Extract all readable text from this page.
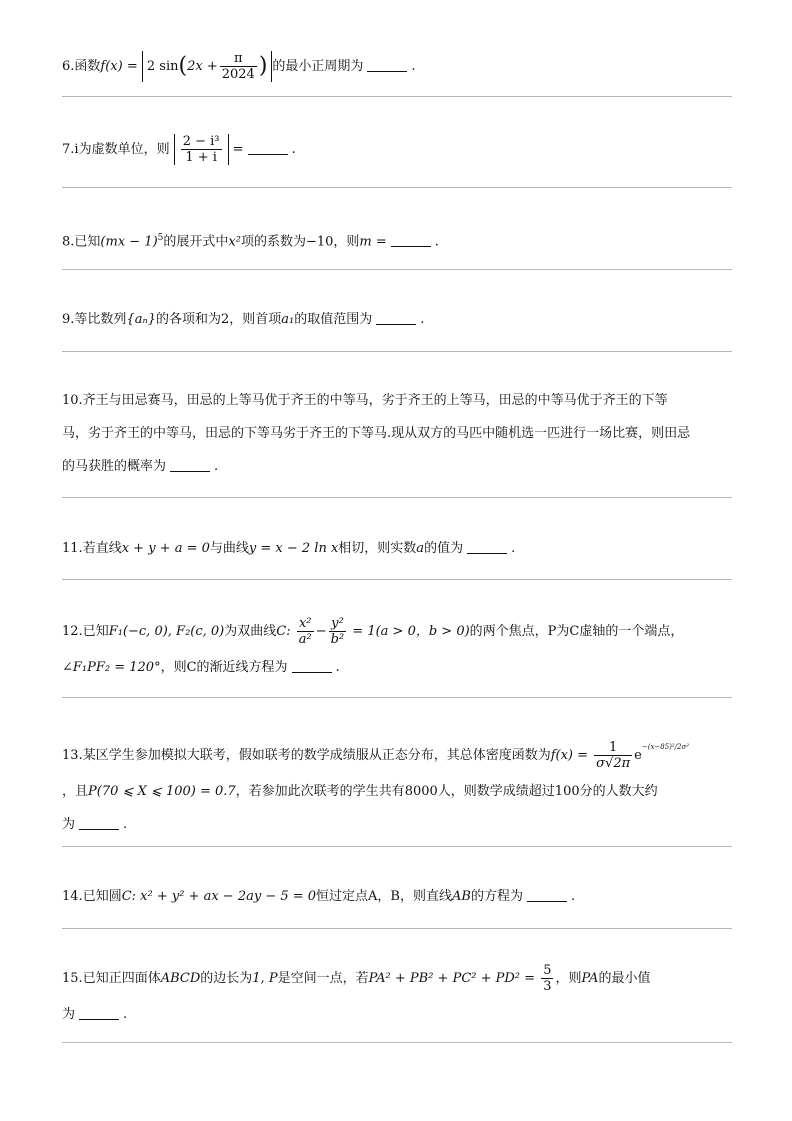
6.函数f(x) = 2 $\sin(2x + \frac{\pi}{2024}$ ) 的最小正周期为	.
7.i为虚数单位，则 $\frac{\text{2 − i³}}{1 + i}$ =	.
8.已知(mx − 1)$^5$的展开式中x²项的系数为−10，则m =	.
9.等比数列{aₙ}的各项和为2，则首项a₁的取值范围为	.
10.齐王与田忌赛马，田忌的上等马优于齐王的中等马，劣于齐王的上等马，田忌的中等马优于齐王的下等
马，劣于齐王的中等马，田忌的下等马劣于齐王的下等马.现从双方的马匹中随机选一匹进行一场比赛，则田忌
的马获胜的概率为	.
11.若直线x + y + a = 0与曲线y = x − 2 ln x相切，则实数a的值为	.
12.已知F₁(−c, 0), F₂(c, 0)为双曲线C: $\frac{\text{x²}}{\text{a²}} - \frac{\text{y²}}{\text{b²}} = 1(a > 0$，b > 0)的两个焦点，P为C虚轴的一个端点，
∠F₁PF₂ = 120°，则C的渐近线方程为	.
13.某区学生参加模拟大联考，假如联考的数学成绩服从正态分布，其总体密度函数为$f(x) = \frac{1}{\sigma√2\pi} e^{-(x-85)^2/2\sigma^2}$
，且P(70 ⩽ X ⩽ 100) = 0.7，若参加此次联考的学生共有8000人，则数学成绩超过100分的人数大约
为	.
14.已知圆C: x² + y² + ax − 2ay − 5 = 0恒过定点A，B，则直线AB的方程为	.
15.已知正四面体ABCD的边长为1, P是空间一点，若$PA^2 + PB^2 + PC^2 + PD^2 = \frac{5}{3}$ ，则PA的最小值
为	.
